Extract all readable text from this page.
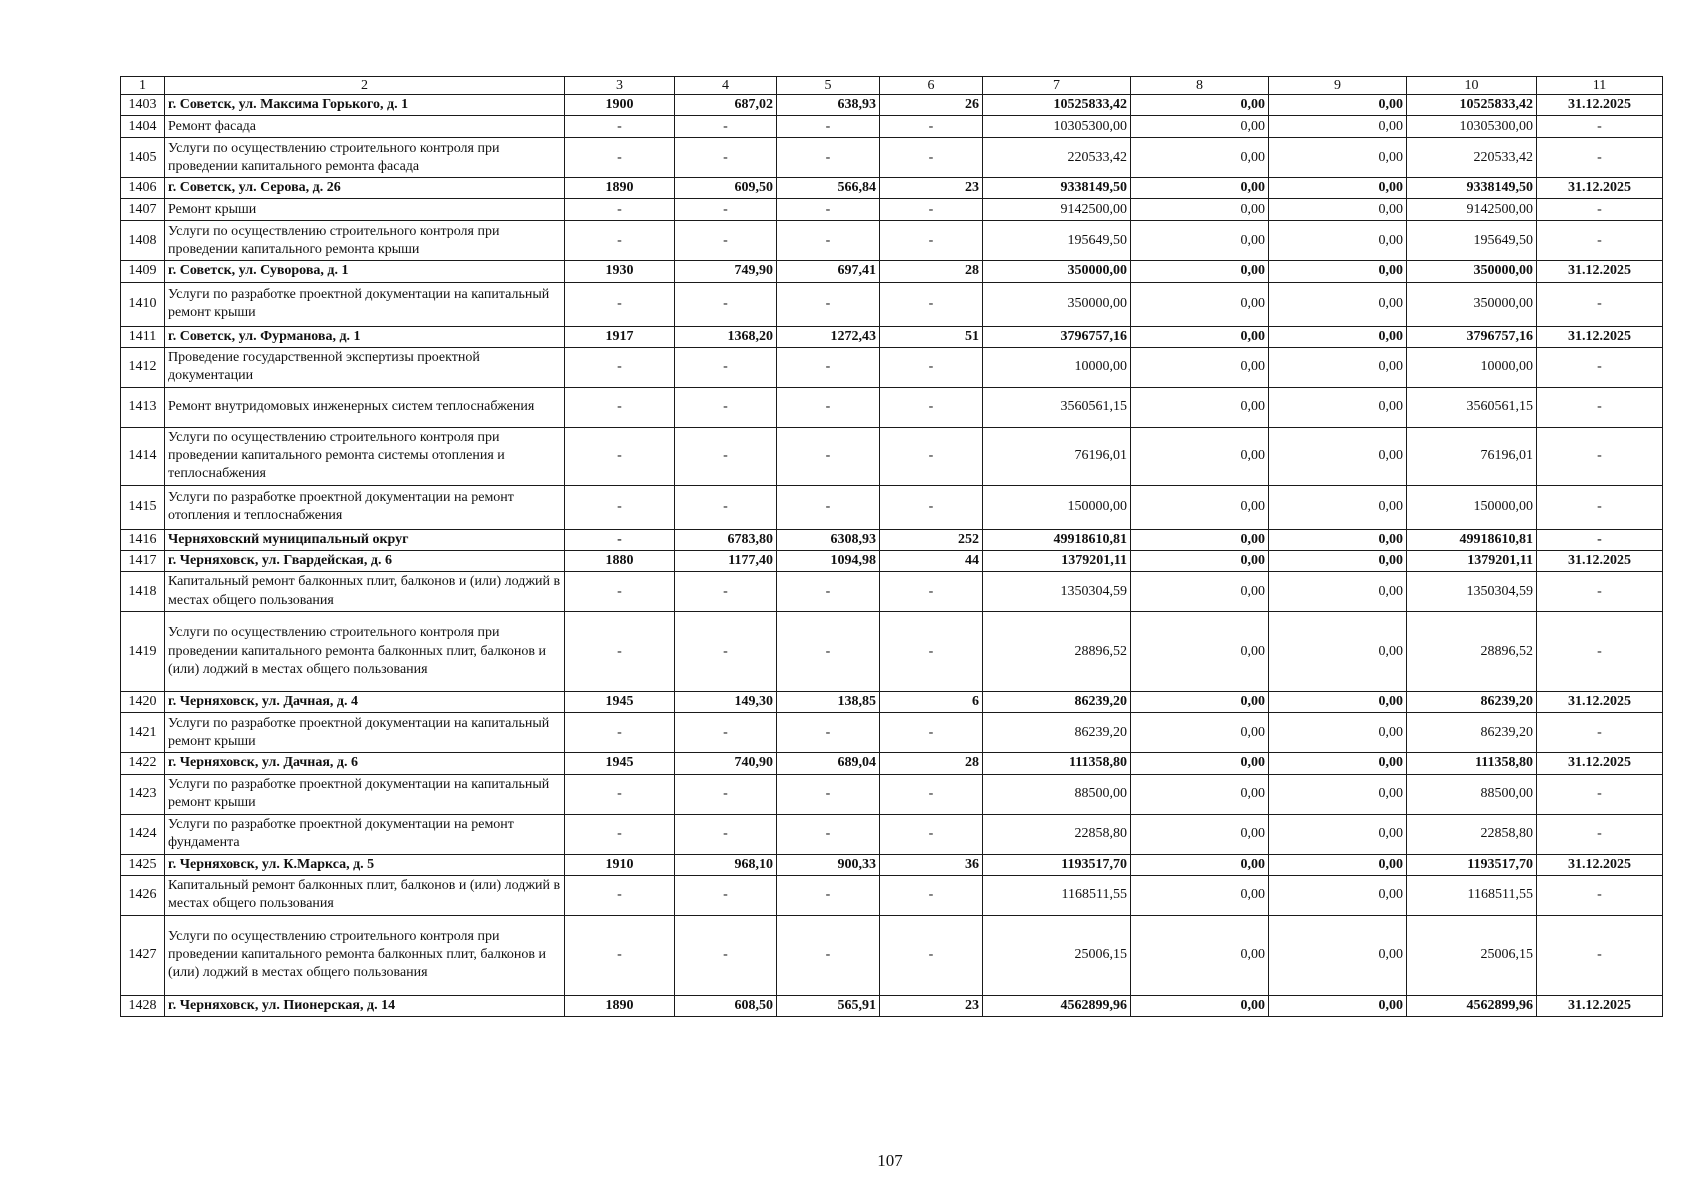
1	2	3	4	5	6	7	8	9	10	11
1403	г. Советск, ул. Максима Горького, д. 1	1900	687,02	638,93	26	10525833,42	0,00	0,00	10525833,42	31.12.2025
1404	Ремонт фасада	-	-	-	-	10305300,00	0,00	0,00	10305300,00	-
1405	Услуги по осуществлению строительного контроля при проведении капитального ремонта фасада	-	-	-	-	220533,42	0,00	0,00	220533,42	-
1406	г. Советск, ул. Серова, д. 26	1890	609,50	566,84	23	9338149,50	0,00	0,00	9338149,50	31.12.2025
1407	Ремонт крыши	-	-	-	-	9142500,00	0,00	0,00	9142500,00	-
1408	Услуги по осуществлению строительного контроля при проведении капитального ремонта крыши	-	-	-	-	195649,50	0,00	0,00	195649,50	-
1409	г. Советск, ул. Суворова, д. 1	1930	749,90	697,41	28	350000,00	0,00	0,00	350000,00	31.12.2025
1410	Услуги по разработке проектной документации на капитальный ремонт крыши	-	-	-	-	350000,00	0,00	0,00	350000,00	-
1411	г. Советск, ул. Фурманова, д. 1	1917	1368,20	1272,43	51	3796757,16	0,00	0,00	3796757,16	31.12.2025
1412	Проведение государственной экспертизы проектной документации	-	-	-	-	10000,00	0,00	0,00	10000,00	-
1413	Ремонт внутридомовых инженерных систем теплоснабжения	-	-	-	-	3560561,15	0,00	0,00	3560561,15	-
1414	Услуги по осуществлению строительного контроля при проведении капитального ремонта системы отопления и теплоснабжения	-	-	-	-	76196,01	0,00	0,00	76196,01	-
1415	Услуги по разработке проектной документации на ремонт отопления и теплоснабжения	-	-	-	-	150000,00	0,00	0,00	150000,00	-
1416	Черняховский муниципальный округ	-	6783,80	6308,93	252	49918610,81	0,00	0,00	49918610,81	-
1417	г. Черняховск, ул. Гвардейская, д. 6	1880	1177,40	1094,98	44	1379201,11	0,00	0,00	1379201,11	31.12.2025
1418	Капитальный ремонт балконных плит, балконов и (или) лоджий в местах общего пользования	-	-	-	-	1350304,59	0,00	0,00	1350304,59	-
1419	Услуги по осуществлению строительного контроля при проведении капитального ремонта балконных плит, балконов и (или) лоджий в местах общего пользования	-	-	-	-	28896,52	0,00	0,00	28896,52	-
1420	г. Черняховск, ул. Дачная, д. 4	1945	149,30	138,85	6	86239,20	0,00	0,00	86239,20	31.12.2025
1421	Услуги по разработке проектной документации на капитальный ремонт крыши	-	-	-	-	86239,20	0,00	0,00	86239,20	-
1422	г. Черняховск, ул. Дачная, д. 6	1945	740,90	689,04	28	111358,80	0,00	0,00	111358,80	31.12.2025
1423	Услуги по разработке проектной документации на капитальный ремонт крыши	-	-	-	-	88500,00	0,00	0,00	88500,00	-
1424	Услуги по разработке проектной документации на ремонт фундамента	-	-	-	-	22858,80	0,00	0,00	22858,80	-
1425	г. Черняховск, ул. К.Маркса, д. 5	1910	968,10	900,33	36	1193517,70	0,00	0,00	1193517,70	31.12.2025
1426	Капитальный ремонт балконных плит, балконов и (или) лоджий в местах общего пользования	-	-	-	-	1168511,55	0,00	0,00	1168511,55	-
1427	Услуги по осуществлению строительного контроля при проведении капитального ремонта балконных плит, балконов и (или) лоджий в местах общего пользования	-	-	-	-	25006,15	0,00	0,00	25006,15	-
1428	г. Черняховск, ул. Пионерская, д. 14	1890	608,50	565,91	23	4562899,96	0,00	0,00	4562899,96	31.12.2025
107
